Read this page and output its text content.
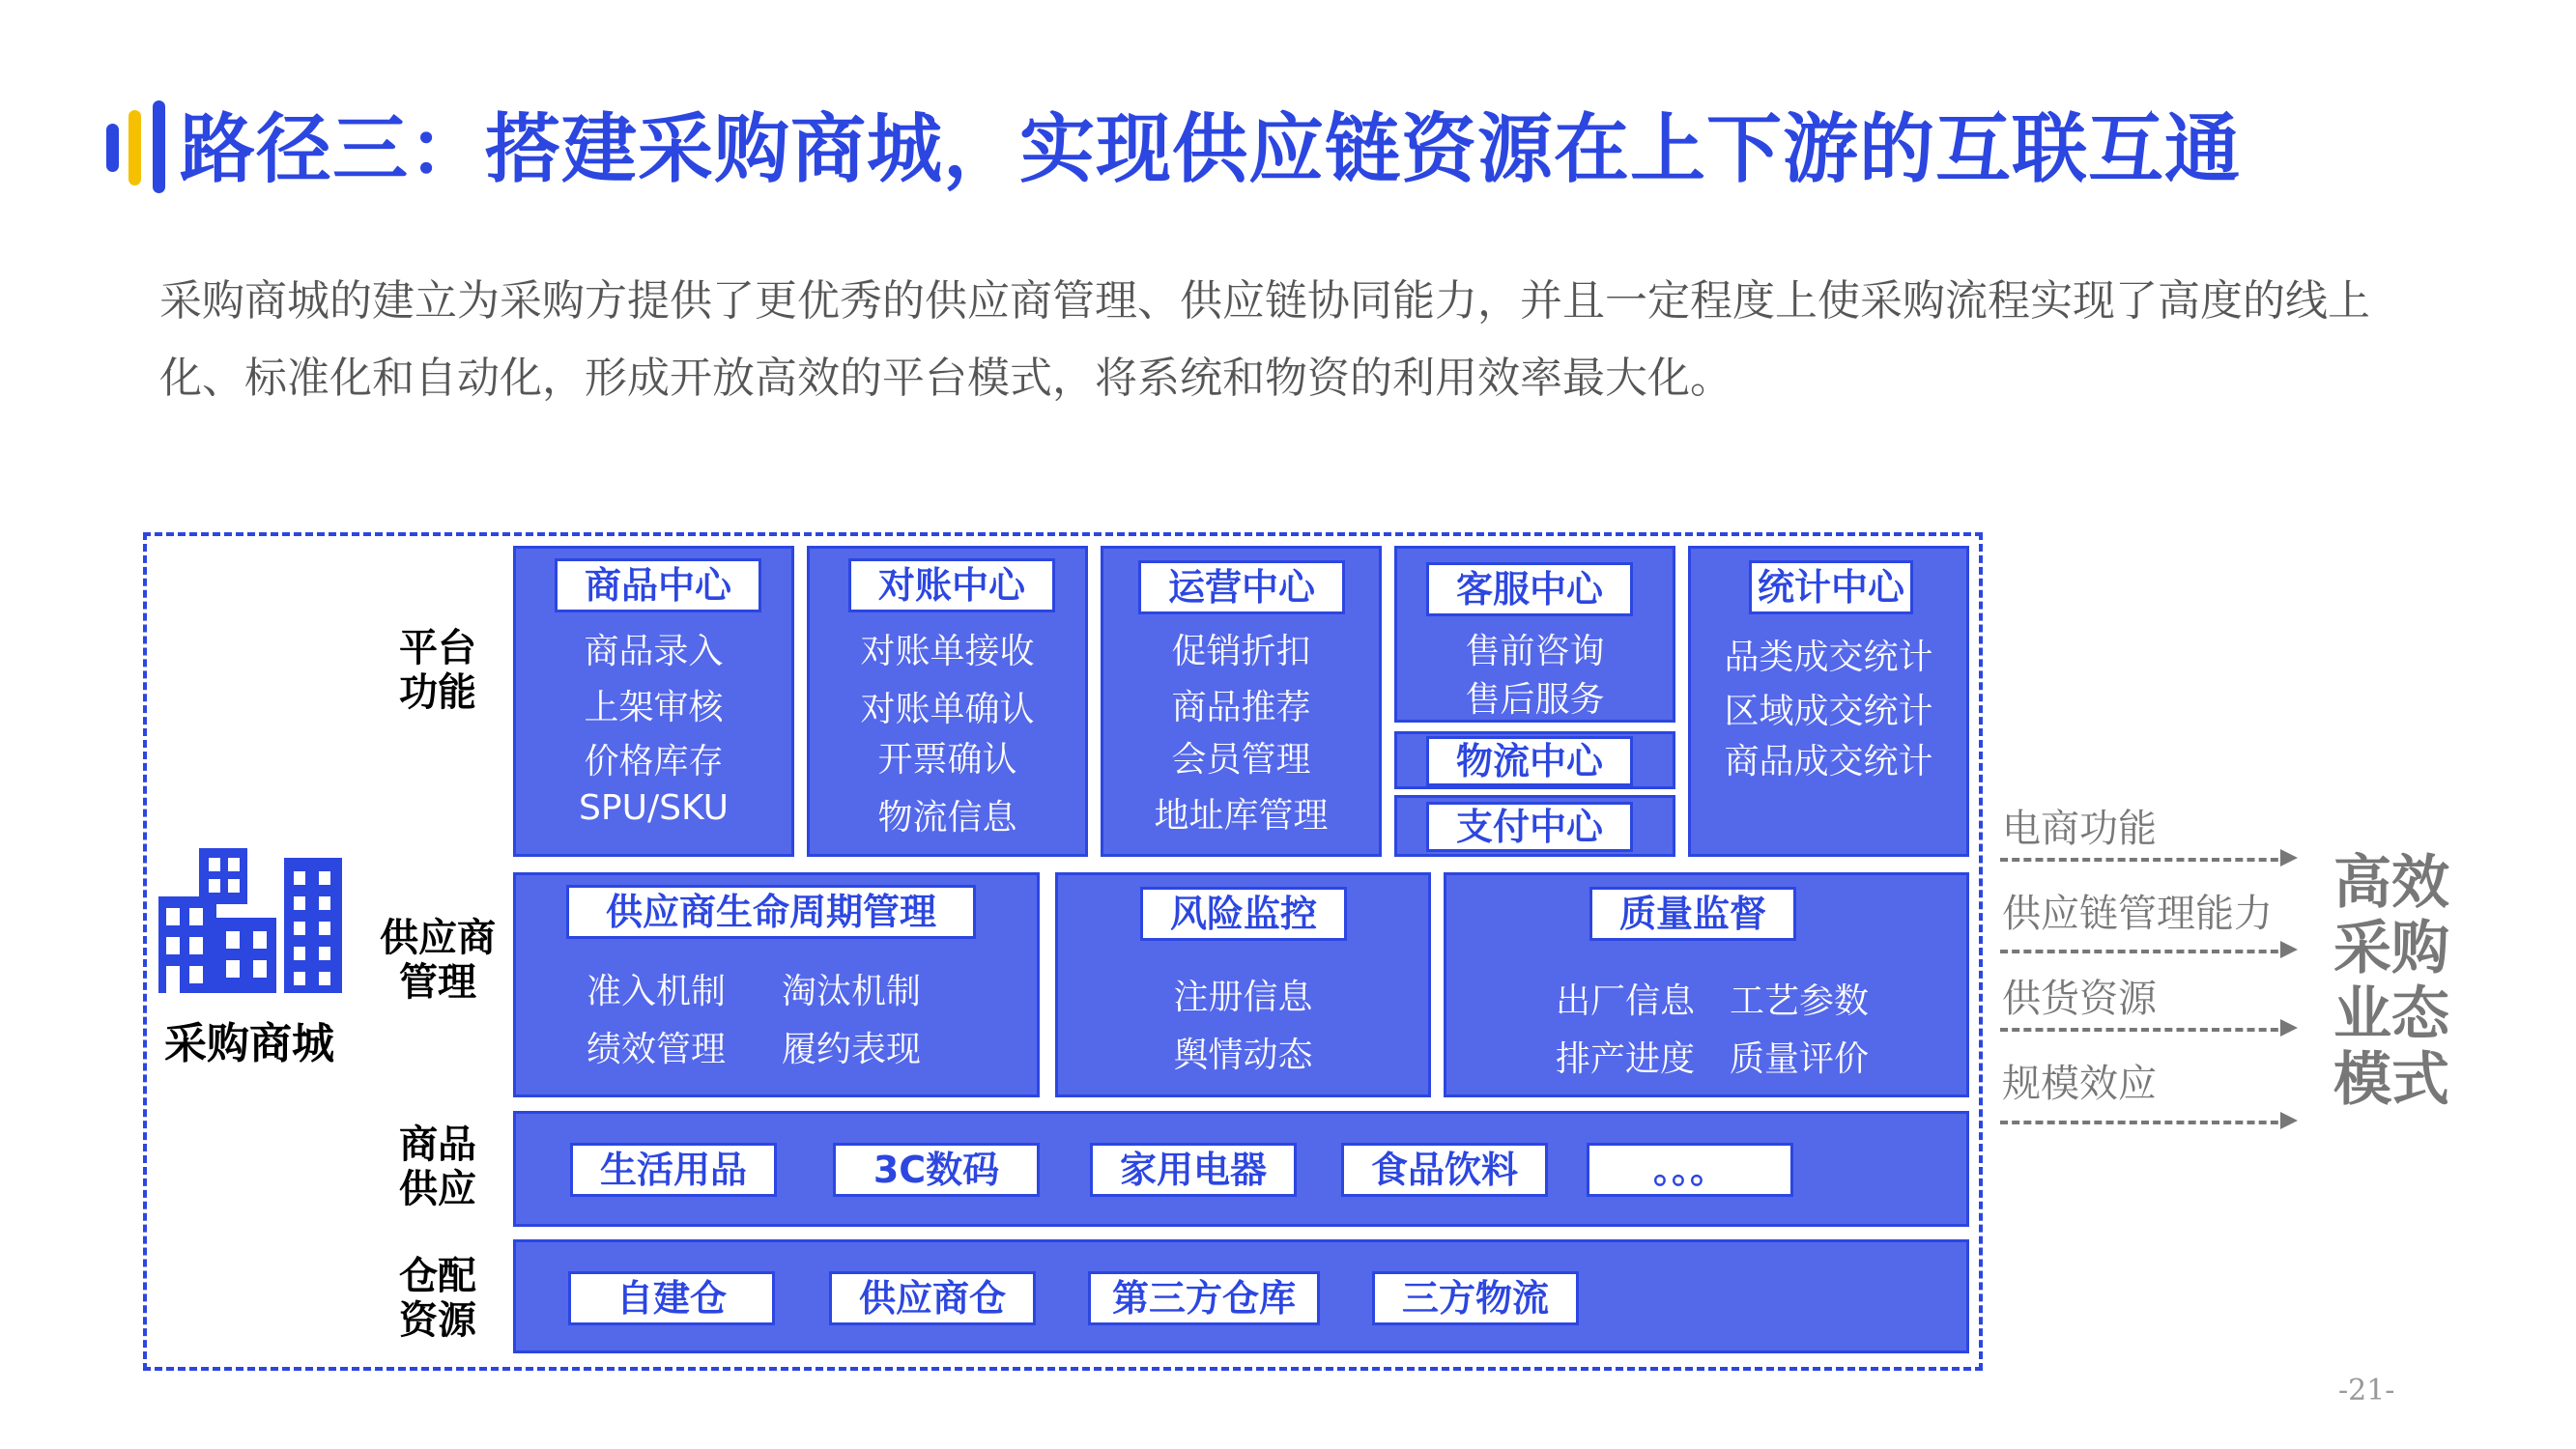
路径三：搭建采购商城，实现供应链资源在上下游的互联互通
采购商城的建立为采购方提供了更优秀的供应商管理、供应链协同能力，并且一定程度上使采购流程实现了高度的线上化、标准化和自动化，形成开放高效的平台模式，将系统和物资的利用效率最大化。
采购商城
平台
功能
供应商
管理
商品
供应
仓配
资源
商品中心
商品录入
上架审核
价格库存
SPU/SKU
对账中心
对账单接收
对账单确认
开票确认
物流信息
运营中心
促销折扣
商品推荐
会员管理
地址库管理
客服中心
售前咨询
售后服务
物流中心
支付中心
统计中心
品类成交统计
区域成交统计
商品成交统计
供应商生命周期管理
准入机制	淘汰机制
绩效管理	履约表现
风险监控
注册信息
舆情动态
质量监督
出厂信息 工艺参数
排产进度 质量评价
生活用品	3C数码	家用电器	食品饮料	。。。
自建仓	供应商仓	第三方仓库	三方物流
电商功能
供应链管理能力
供货资源
规模效应
高效
采购
业态
模式
-21-
